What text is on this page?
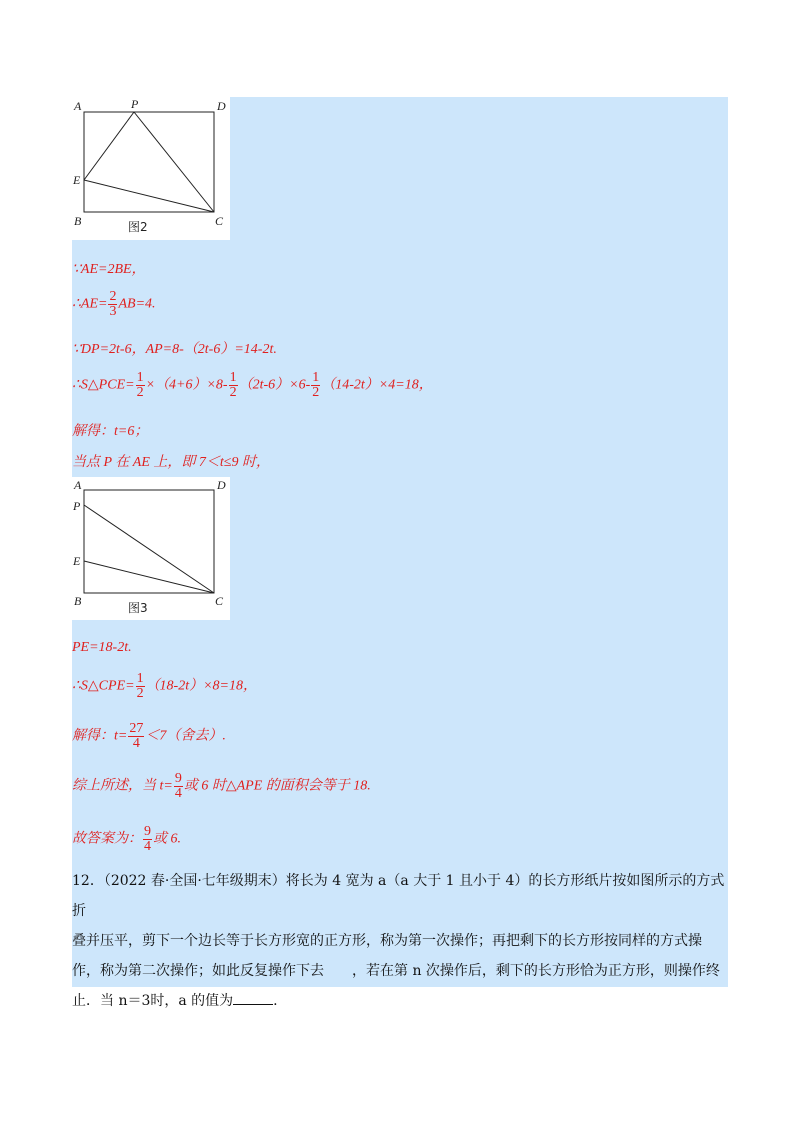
A	P	D
E
B	C
图2
∵AE=2BE，
∴AE= $\frac{2}{3} AB=4$.
∵DP=2t-6，AP=8-（2t-6）=14-2t.
∴S△PCE= $\frac{1}{2} \times(4+6)\times 8- \frac{1}{2} (2t-6)\times 6- \frac{1}{2} (14-2t)\times 4=18$，
解得：t=6；
当点 P 在 AE 上，即 7＜t≤9 时，
A	D
P
E
B	C
图3
PE=18-2t.
∴S△CPE= $\frac{1}{2} (18-2t)\times 8=18$，
解得：$t= \frac{27}{4} <7$（舍去）.
综上所述，当 $t= \frac{9}{4}$ 或 6 时△APE 的面积会等于 18.
故答案为： $\frac{9}{4}$ 或 6.
12．（2022 春·全国·七年级期末）将长为 4 宽为 a（a 大于 1 且小于 4）的长方形纸片按如图所示的方式折
叠并压平，剪下一个边长等于长方形宽的正方形，称为第一次操作；再把剩下的长方形按同样的方式操
作，称为第二次操作；如此反复操作下去　　，若在第 n 次操作后，剩下的长方形恰为正方形，则操作终
止．当 n＝3时，a 的值为	.
